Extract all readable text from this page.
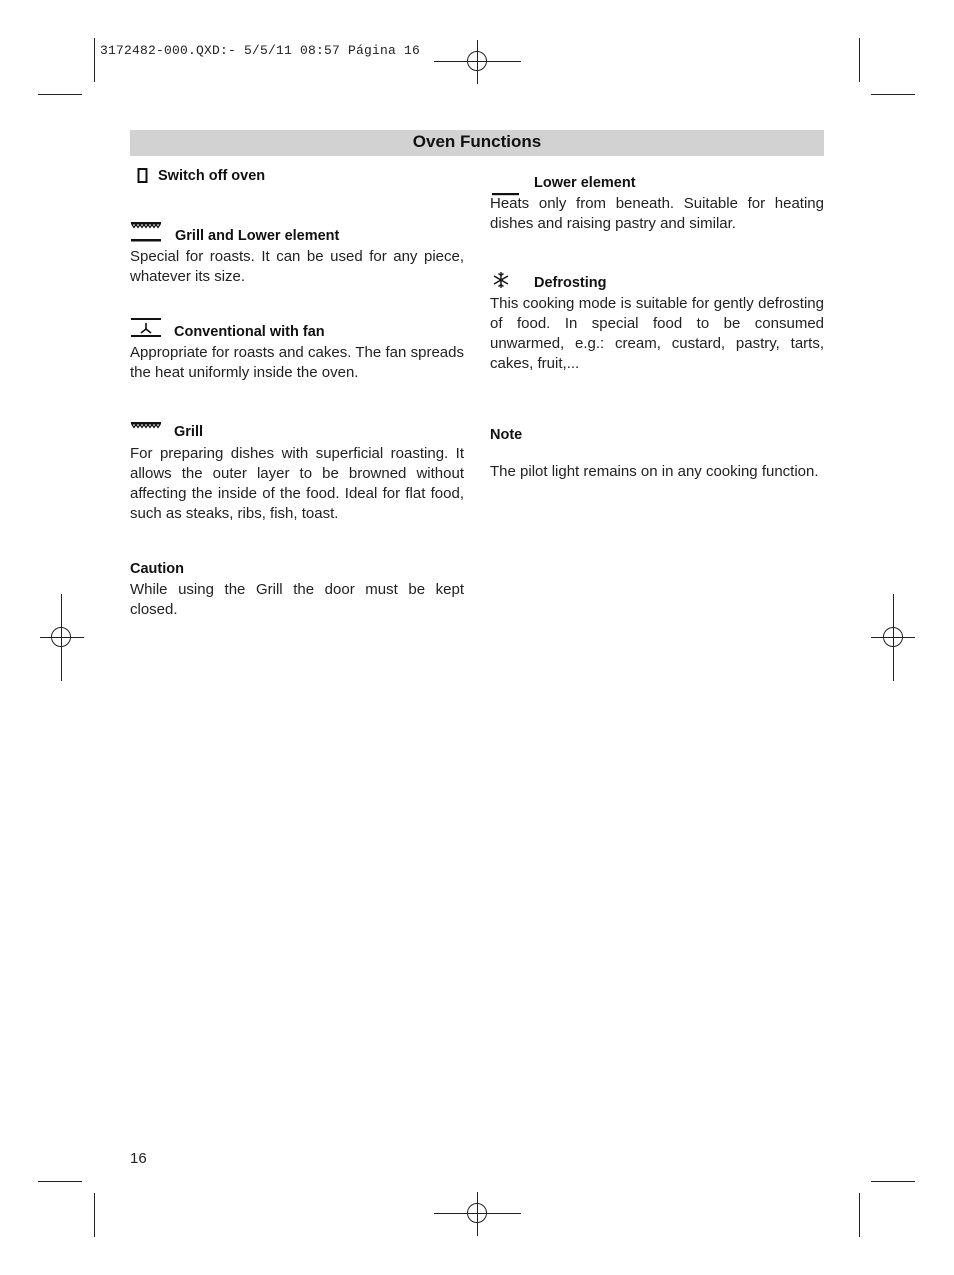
3172482-000.QXD:- 5/5/11 08:57 Página 16
Oven Functions
Switch off oven
Grill and Lower element
Special for roasts. It can be used for any piece, whatever its size.
Conventional with fan
Appropriate for roasts and cakes. The fan spreads the heat uniformly inside the oven.
Grill
For preparing dishes with superficial roasting. It allows the outer layer to be browned without affecting the inside of the food. Ideal for flat food, such as steaks, ribs, fish, toast.
Caution
While using the Grill the door must be kept closed.
Lower element
Heats only from beneath. Suitable for heating dishes and raising pastry and similar.
Defrosting
This cooking mode is suitable for gently defrosting of food. In special food to be consumed unwarmed, e.g.: cream, custard, pastry, tarts, cakes, fruit,...
Note
The pilot light remains on in any cooking function.
16
